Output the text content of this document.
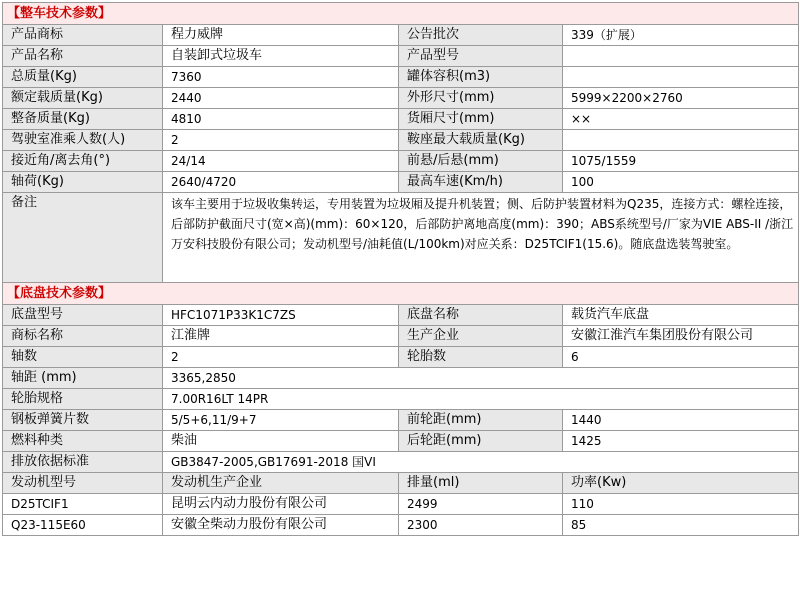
【整车技术参数】			
产品商标	程力威牌	公告批次	339（扩展）
产品名称	自装卸式垃圾车	产品型号	
总质量(Kg)	7360	罐体容积(m3)	
额定载质量(Kg)	2440	外形尺寸(mm)	5999×2200×2760
整备质量(Kg)	4810	货厢尺寸(mm)	××
驾驶室准乘人数(人)	2	鞍座最大载质量(Kg)	
接近角/离去角(°)	24/14	前悬/后悬(mm)	1075/1559
轴荷(Kg)	2640/4720	最高车速(Km/h)	100
备注	该车主要用于垃圾收集转运，专用装置为垃圾厢及提升机装置；侧、后防护装置材料为Q235，连接方式：螺栓连接，后部防护截面尺寸(宽×高)(mm)：60×120，后部防护离地高度(mm)：390；ABS系统型号/厂家为VIE ABS-II /浙江万安科技股份有限公司；发动机型号/油耗值(L/100km)对应关系：D25TCIF1(15.6)。随底盘选装驾驶室。		
【底盘技术参数】			
底盘型号	HFC1071P33K1C7ZS	底盘名称	载货汽车底盘
商标名称	江淮牌	生产企业	安徽江淮汽车集团股份有限公司
轴数	2	轮胎数	6
轴距 (mm)	3365,2850		
轮胎规格	7.00R16LT 14PR		
钢板弹簧片数	5/5+6,11/9+7	前轮距(mm)	1440
燃料种类	柴油	后轮距(mm)	1425
排放依据标准	GB3847-2005,GB17691-2018 国VI		
发动机型号	发动机生产企业	排量(ml)	功率(Kw)
D25TCIF1	昆明云内动力股份有限公司	2499	110
Q23-115E60	安徽全柴动力股份有限公司	2300	85
